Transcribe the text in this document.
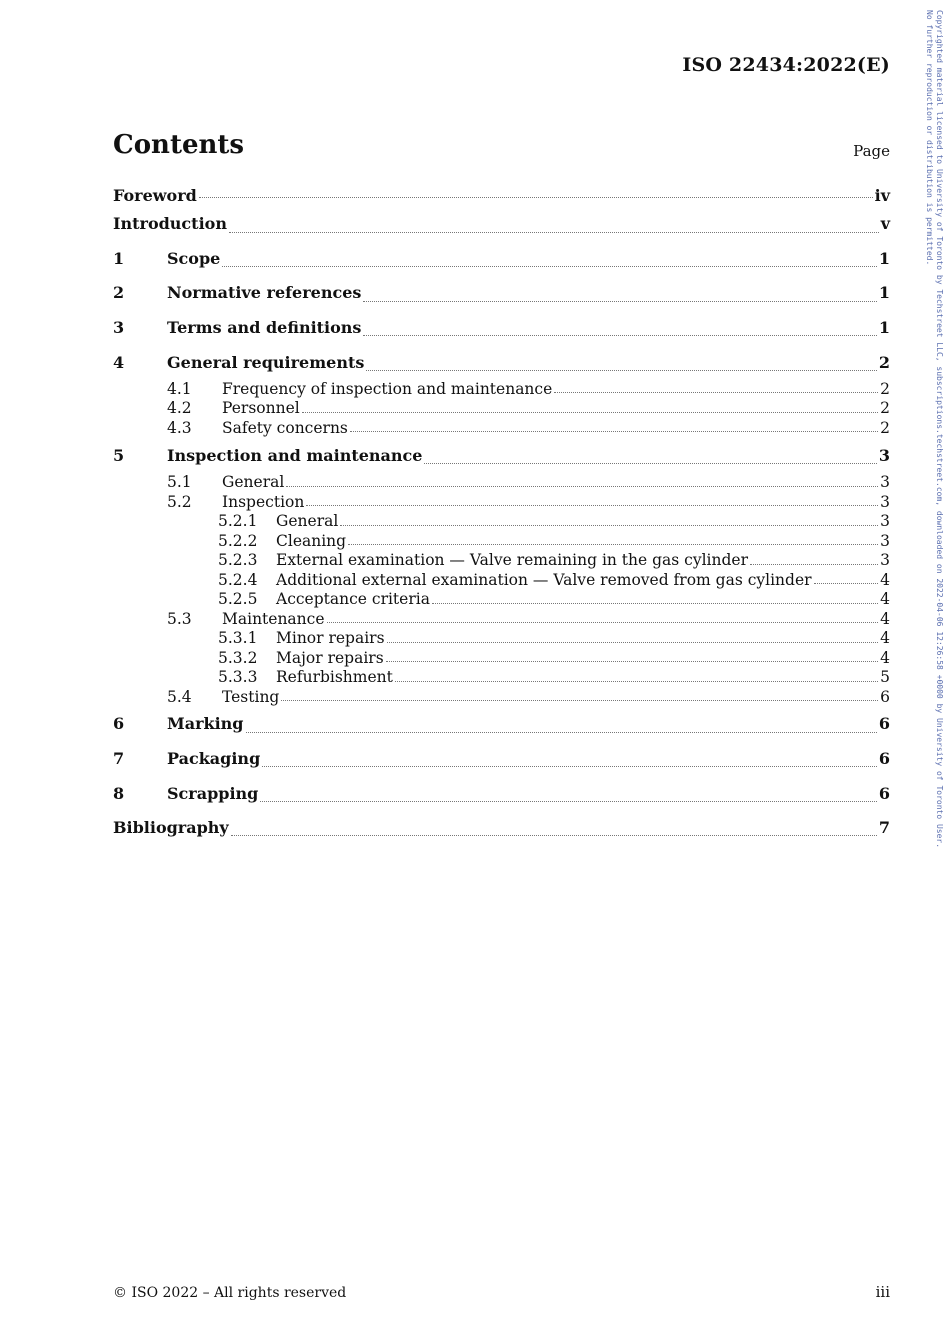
ISO 22434:2022(E)
Contents	Page
Foreword	iv
Introduction	v
1	Scope	1
2	Normative references	1
3	Terms and definitions	1
4	General requirements	2
4.1	Frequency of inspection and maintenance	2
4.2	Personnel	2
4.3	Safety concerns	2
5	Inspection and maintenance	3
5.1	General	3
5.2	Inspection	3
5.2.1	General	3
5.2.2	Cleaning	3
5.2.3	External examination — Valve remaining in the gas cylinder	3
5.2.4	Additional external examination — Valve removed from gas cylinder	4
5.2.5	Acceptance criteria	4
5.3	Maintenance	4
5.3.1	Minor repairs	4
5.3.2	Major repairs	4
5.3.3	Refurbishment	5
5.4	Testing	6
6	Marking	6
7	Packaging	6
8	Scrapping	6
Bibliography	7
© ISO 2022 – All rights reserved	iii
Copyrighted material licensed to University of Toronto by Techstreet LLC, subscriptions.techstreet.com, downloaded on 2022-04-06 12:26:58 +0000 by University of Toronto User.
No further reproduction or distribution is permitted.
